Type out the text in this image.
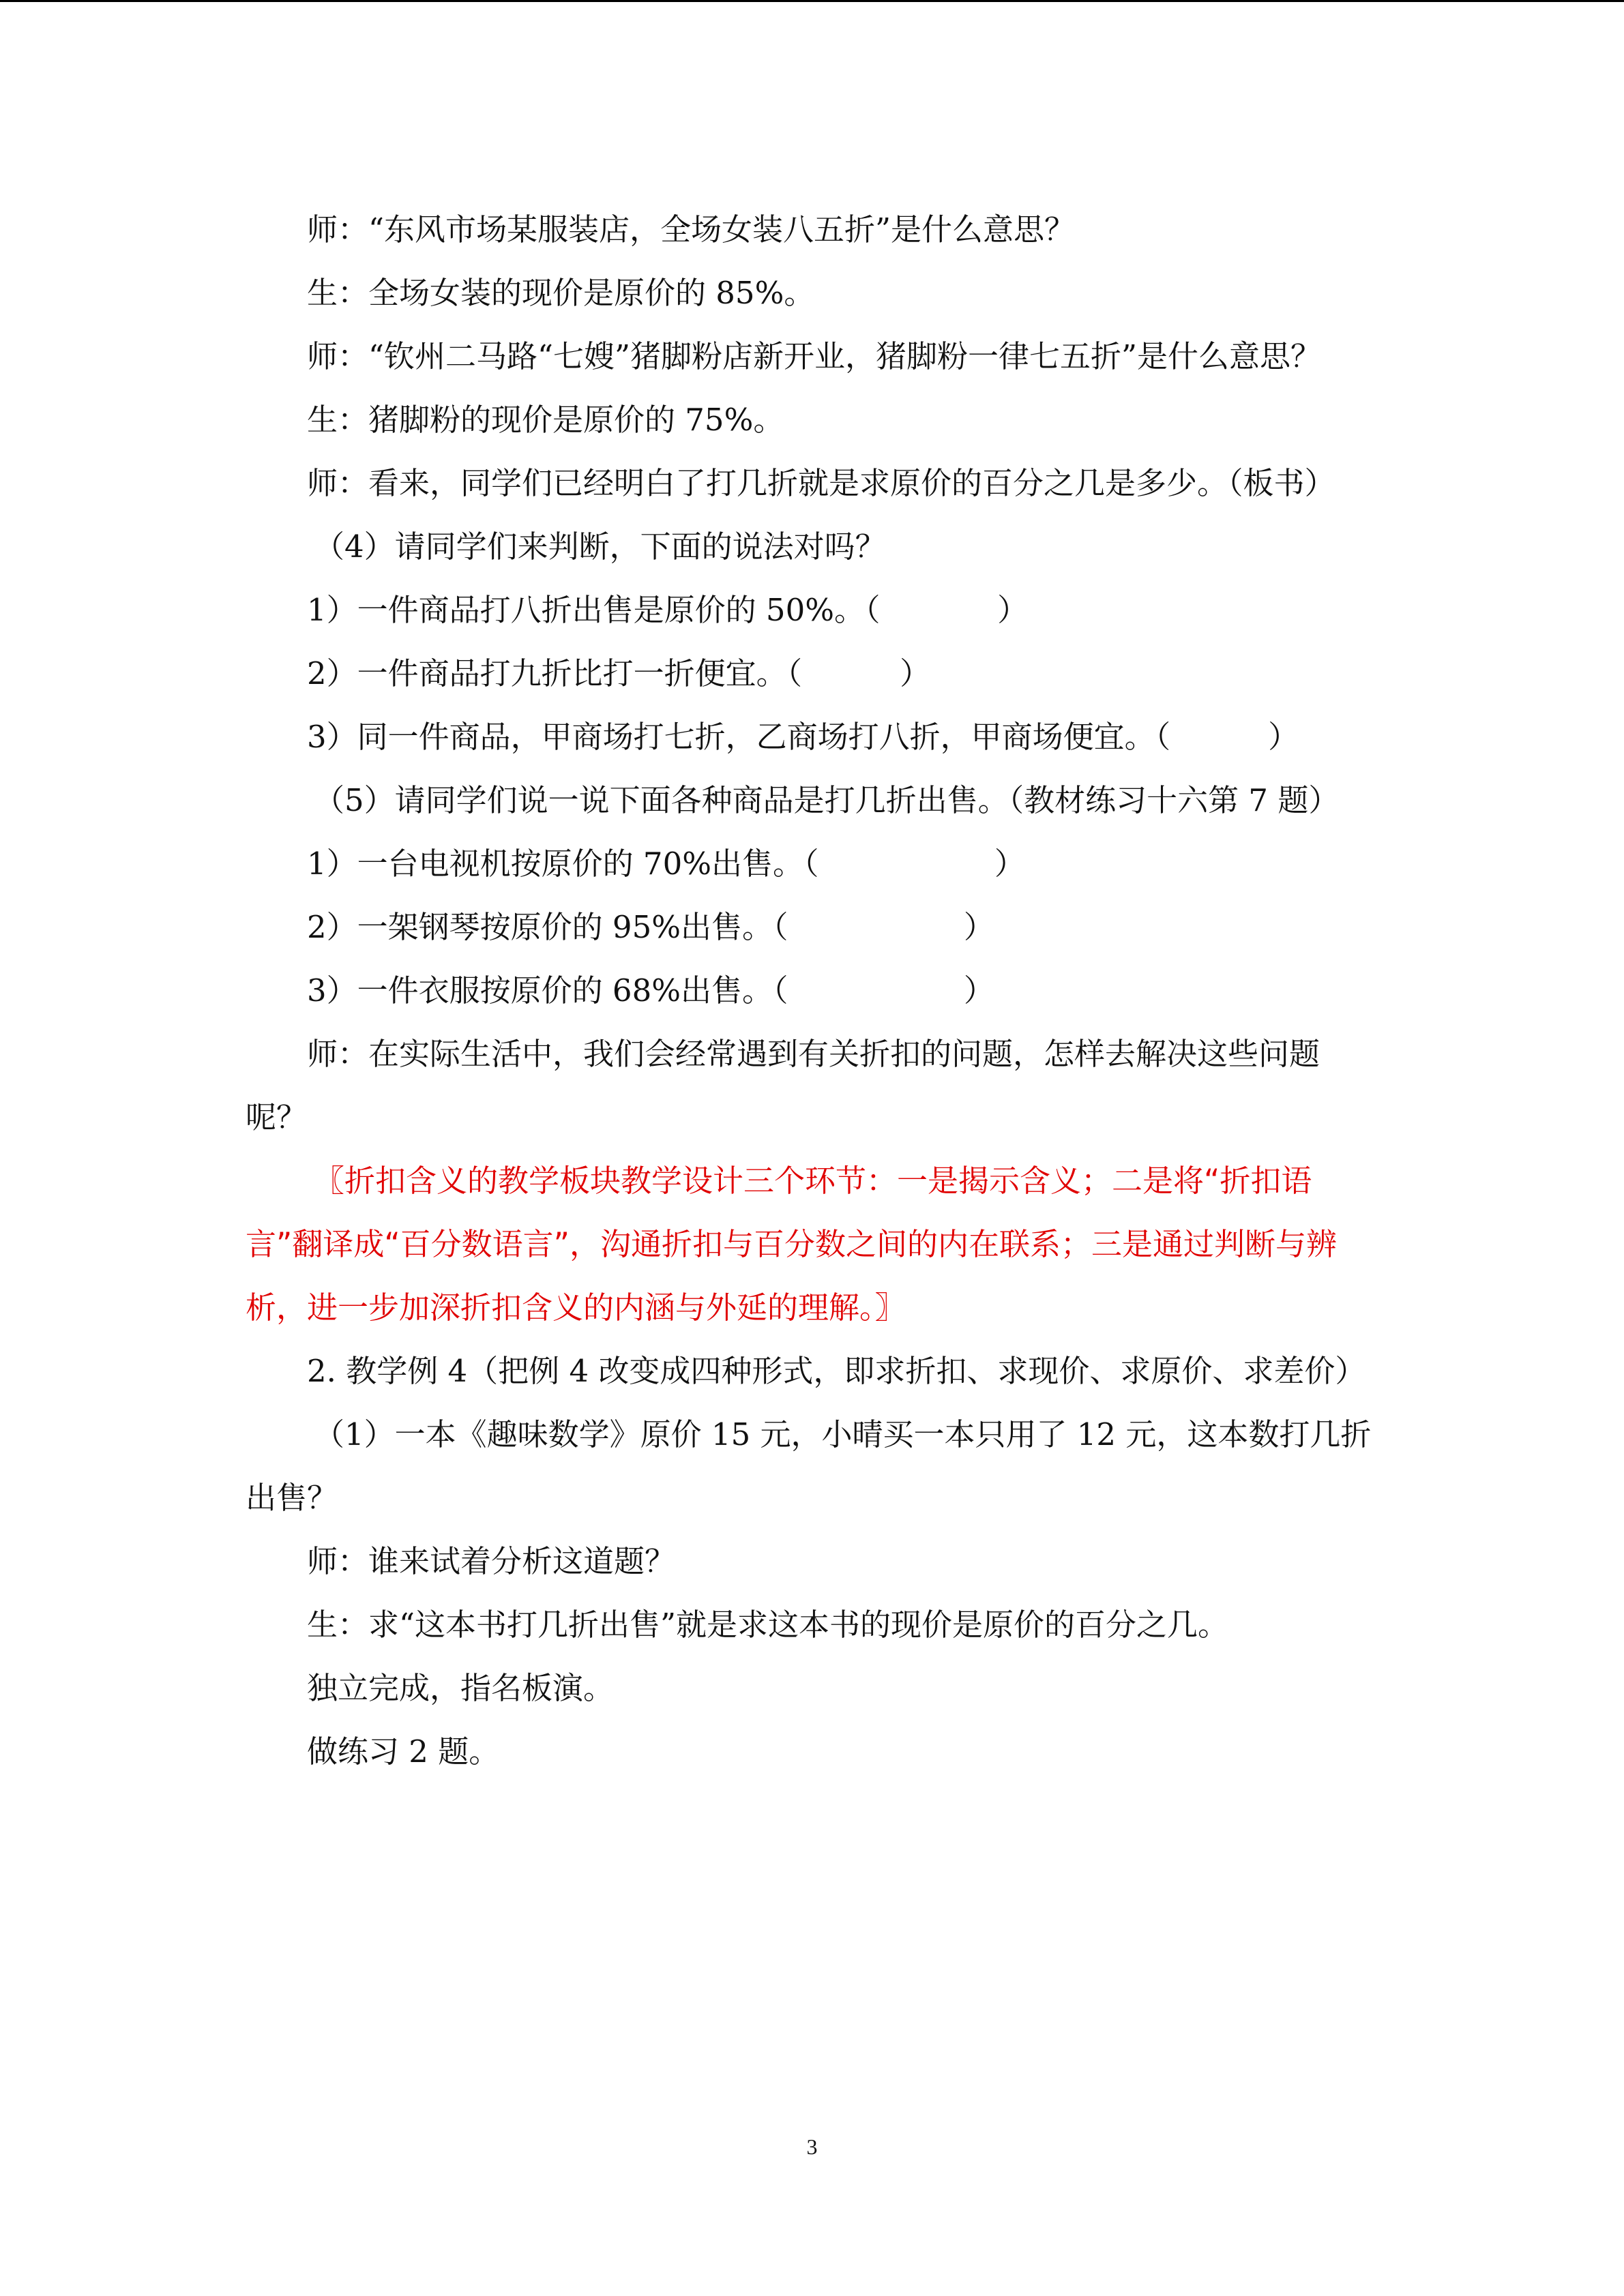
师：“东风市场某服装店，全场女装八五折”是什么意思？

生：全场女装的现价是原价的 85%。

师：“钦州二马路“七嫂”猪脚粉店新开业，猪脚粉一律七五折”是什么意思？

生：猪脚粉的现价是原价的 75%。

师：看来，同学们已经明白了打几折就是求原价的百分之几是多少。（板书）

（4）请同学们来判断，下面的说法对吗？

1）一件商品打八折出售是原价的 50%。（            ）

2）一件商品打九折比打一折便宜。（          ）

3）同一件商品，甲商场打七折，乙商场打八折，甲商场便宜。（          ）

（5）请同学们说一说下面各种商品是打几折出售。（教材练习十六第 7 题）

1）一台电视机按原价的 70%出售。（                  ）

2）一架钢琴按原价的 95%出售。（                  ）

3）一件衣服按原价的 68%出售。（                  ）

师：在实际生活中，我们会经常遇到有关折扣的问题，怎样去解决这些问题呢？

〖折扣含义的教学板块教学设计三个环节：一是揭示含义；二是将“折扣语言”翻译成“百分数语言”，沟通折扣与百分数之间的内在联系；三是通过判断与辨析，进一步加深折扣含义的内涵与外延的理解。〗

2. 教学例 4（把例 4 改变成四种形式，即求折扣、求现价、求原价、求差价）

（1）一本《趣味数学》原价 15 元，小晴买一本只用了 12 元，这本数打几折出售？

师：谁来试着分析这道题？

生：求“这本书打几折出售”就是求这本书的现价是原价的百分之几。

独立完成，指名板演。

做练习 2 题。

3
